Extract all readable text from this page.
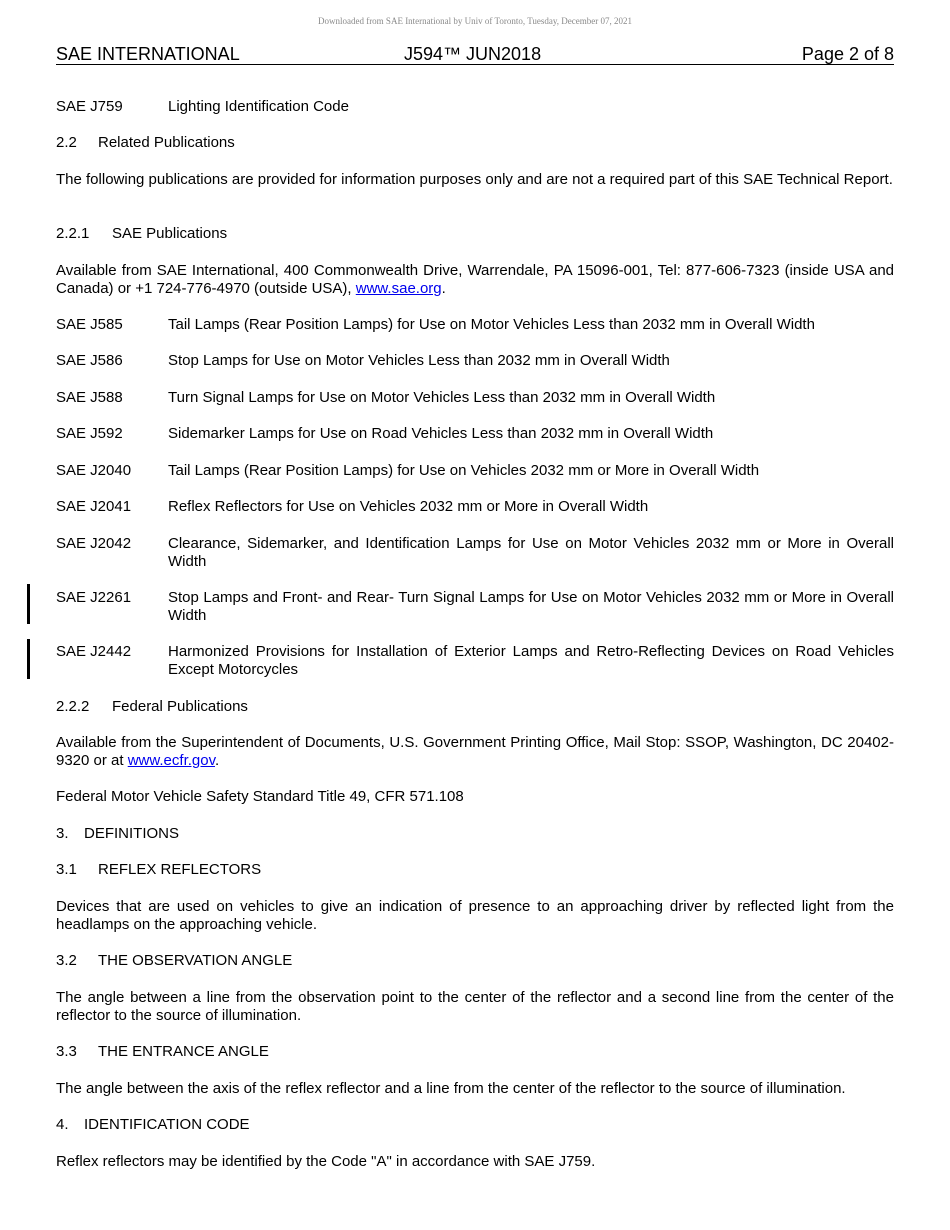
Downloaded from SAE International by Univ of Toronto, Tuesday, December 07, 2021
SAE INTERNATIONAL	J594™ JUN2018	Page 2 of 8
SAE J759	Lighting Identification Code
2.2 Related Publications
The following publications are provided for information purposes only and are not a required part of this SAE Technical Report.
2.2.1 SAE Publications
Available from SAE International, 400 Commonwealth Drive, Warrendale, PA 15096-001, Tel: 877-606-7323 (inside USA and Canada) or +1 724-776-4970 (outside USA), www.sae.org.
SAE J585	Tail Lamps (Rear Position Lamps) for Use on Motor Vehicles Less than 2032 mm in Overall Width
SAE J586	Stop Lamps for Use on Motor Vehicles Less than 2032 mm in Overall Width
SAE J588	Turn Signal Lamps for Use on Motor Vehicles Less than 2032 mm in Overall Width
SAE J592	Sidemarker Lamps for Use on Road Vehicles Less than 2032 mm in Overall Width
SAE J2040 Tail Lamps (Rear Position Lamps) for Use on Vehicles 2032 mm or More in Overall Width
SAE J2041 Reflex Reflectors for Use on Vehicles 2032 mm or More in Overall Width
SAE J2042 Clearance, Sidemarker, and Identification Lamps for Use on Motor Vehicles 2032 mm or More in Overall Width
SAE J2261 Stop Lamps and Front- and Rear- Turn Signal Lamps for Use on Motor Vehicles 2032 mm or More in Overall Width
SAE J2442 Harmonized Provisions for Installation of Exterior Lamps and Retro-Reflecting Devices on Road Vehicles Except Motorcycles
2.2.2 Federal Publications
Available from the Superintendent of Documents, U.S. Government Printing Office, Mail Stop: SSOP, Washington, DC 20402-9320 or at www.ecfr.gov.
Federal Motor Vehicle Safety Standard Title 49, CFR 571.108
3. DEFINITIONS
3.1 REFLEX REFLECTORS
Devices that are used on vehicles to give an indication of presence to an approaching driver by reflected light from the headlamps on the approaching vehicle.
3.2 THE OBSERVATION ANGLE
The angle between a line from the observation point to the center of the reflector and a second line from the center of the reflector to the source of illumination.
3.3 THE ENTRANCE ANGLE
The angle between the axis of the reflex reflector and a line from the center of the reflector to the source of illumination.
4. IDENTIFICATION CODE
Reflex reflectors may be identified by the Code "A" in accordance with SAE J759.
